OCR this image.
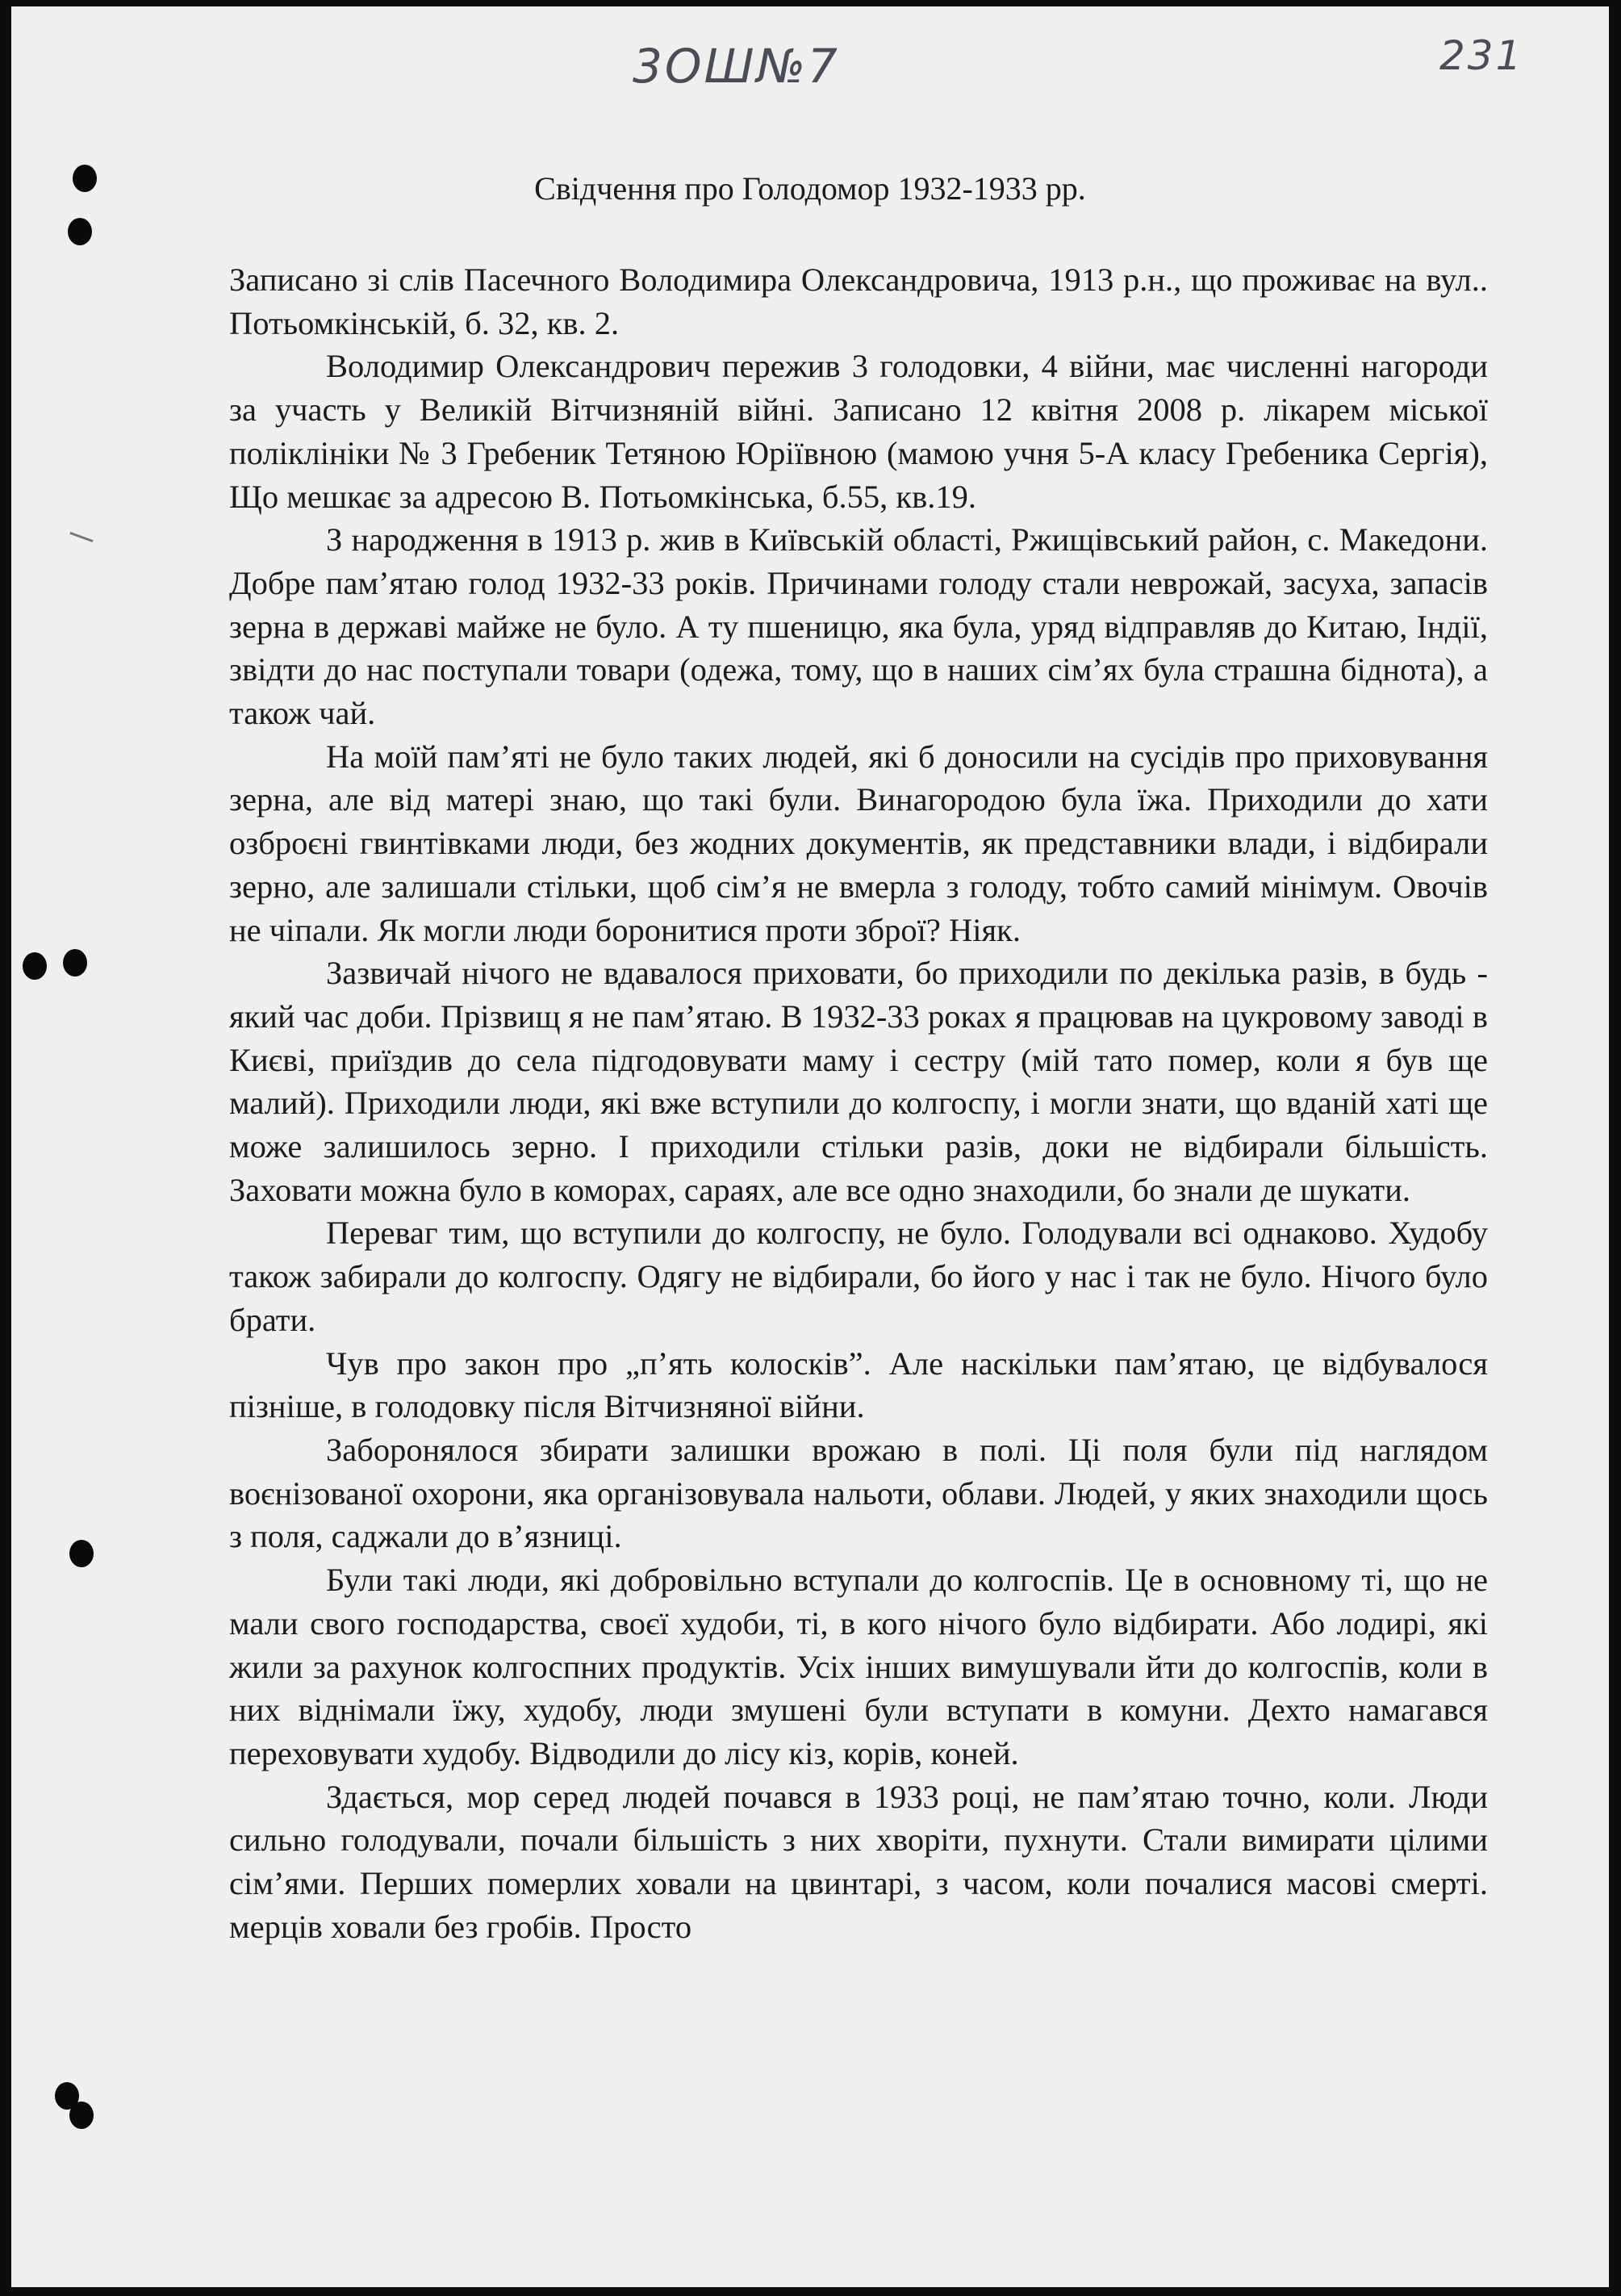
3ОШ№7	231
Свідчення про Голодомор 1932-1933 рр.

Записано зі слів Пасечного Володимира Олександровича, 1913 р.н., що проживає на вул.. Потьомкінській, б. 32, кв. 2.

Володимир Олександрович пережив 3 голодовки, 4 війни, має численні нагороди за участь у Великій Вітчизняній війні. Записано 12 квітня 2008 р. лікарем міської поліклініки № 3 Гребеник Тетяною Юріївною (мамою учня 5-А класу Гребеника Сергія), Що мешкає за адресою В. Потьомкінська, б.55, кв.19.

З народження в 1913 р. жив в Київській області, Ржищівський район, с. Македони. Добре пам’ятаю голод 1932-33 років. Причинами голоду стали неврожай, засуха, запасів зерна в державі майже не було. А ту пшеницю, яка була, уряд відправляв до Китаю, Індії, звідти до нас поступали товари (одежа, тому, що в наших сім’ях була страшна біднота), а також чай.

На моїй пам’яті не було таких людей, які б доносили на сусідів про приховування зерна, але від матері знаю, що такі були. Винагородою була їжа. Приходили до хати озброєні гвинтівками люди, без жодних документів, як представники влади, і відбирали зерно, але залишали стільки, щоб сім’я не вмерла з голоду, тобто самий мінімум. Овочів не чіпали. Як могли люди боронитися проти зброї? Ніяк.

Зазвичай нічого не вдавалося приховати, бо приходили по декілька разів, в будь - який час доби. Прізвищ я не пам’ятаю. В 1932-33 роках я працював на цукровому заводі в Києві, приїздив до села підгодовувати маму і сестру (мій тато помер, коли я був ще малий). Приходили люди, які вже вступили до колгоспу, і могли знати, що вданій хаті ще може залишилось зерно. І приходили стільки разів, доки не відбирали більшість. Заховати можна було в коморах, сараях, але все одно знаходили, бо знали де шукати.

Переваг тим, що вступили до колгоспу, не було. Голодували всі однаково. Худобу також забирали до колгоспу. Одягу не відбирали, бо його у нас і так не було. Нічого було брати.

Чув про закон про „п’ять колосків”. Але наскільки пам’ятаю, це відбувалося пізніше, в голодовку після Вітчизняної війни.

Заборонялося збирати залишки врожаю в полі. Ці поля були під наглядом воєнізованої охорони, яка організовувала нальоти, облави. Людей, у яких знаходили щось з поля, саджали до в’язниці.

Були такі люди, які добровільно вступали до колгоспів. Це в основному ті, що не мали свого господарства, своєї худоби, ті, в кого нічого було відбирати. Або лодирі, які жили за рахунок колгоспних продуктів. Усіх інших вимушували йти до колгоспів, коли в них віднімали їжу, худобу, люди змушені були вступати в комуни. Дехто намагався переховувати худобу. Відводили до лісу кіз, корів, коней.

Здається, мор серед людей почався в 1933 році, не пам’ятаю точно, коли. Люди сильно голодували, почали більшість з них хворіти, пухнути. Стали вимирати цілими сім’ями. Перших померлих ховали на цвинтарі, з часом, коли почалися масові смерті. мерців ховали без гробів. Просто
